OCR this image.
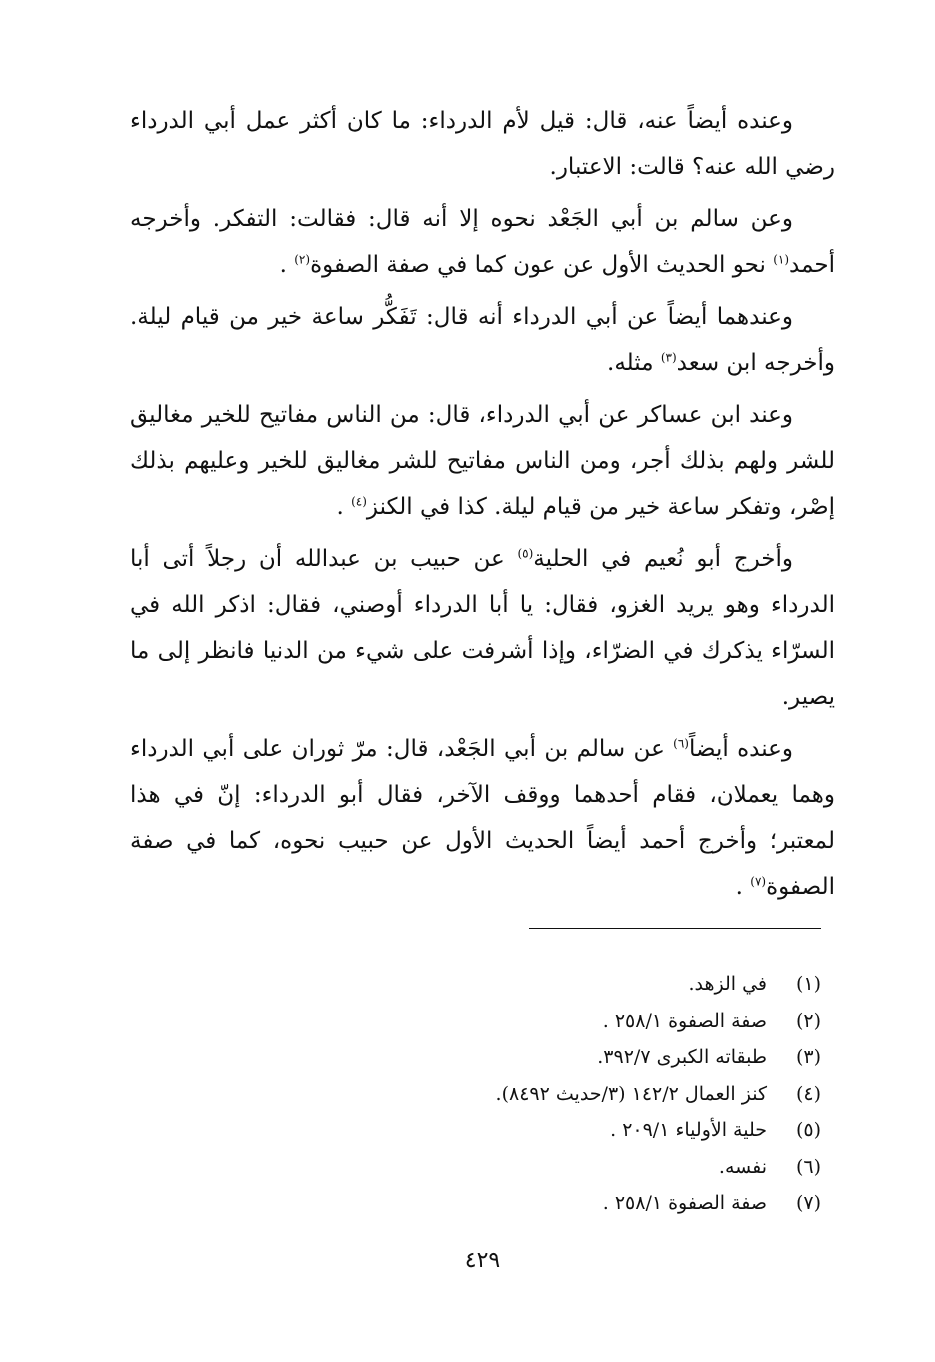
وعنده أيضاً عنه، قال: قيل لأم الدرداء: ما كان أكثر عمل أبي الدرداء رضي الله عنه؟ قالت: الاعتبار.

وعن سالم بن أبي الجَعْد نحوه إلا أنه قال: فقالت: التفكر. وأخرجه أحمد$^{(١)}$ نحو الحديث الأول عن عون كما في صفة الصفوة$^{(٢)}$ .

وعندهما أيضاً عن أبي الدرداء أنه قال: تَفَكُّر ساعة خير من قيام ليلة. وأخرجه ابن سعد$^{(٣)}$ مثله.

وعند ابن عساكر عن أبي الدرداء، قال: من الناس مفاتيح للخير مغاليق للشر ولهم بذلك أجر، ومن الناس مفاتيح للشر مغاليق للخير وعليهم بذلك إصْر، وتفكر ساعة خير من قيام ليلة. كذا في الكنز$^{(٤)}$ .

وأخرج أبو نُعيم في الحلية$^{(٥)}$ عن حبيب بن عبدالله أن رجلاً أتى أبا الدرداء وهو يريد الغزو، فقال: يا أبا الدرداء أوصني، فقال: اذكر الله في السرّاء يذكرك في الضرّاء، وإذا أشرفت على شيء من الدنيا فانظر إلى ما يصير.

وعنده أيضاً$^{(٦)}$ عن سالم بن أبي الجَعْد، قال: مرّ ثوران على أبي الدرداء وهما يعملان، فقام أحدهما ووقف الآخر، فقال أبو الدرداء: إنّ في هذا لمعتبر؛ وأخرج أحمد أيضاً الحديث الأول عن حبيب نحوه، كما في صفة الصفوة$^{(٧)}$ .

(١)في الزهد.
(٢)صفة الصفوة ٢٥٨/١ .
(٣)طبقاته الكبرى ٣٩٢/٧.
(٤)كنز العمال ١٤٢/٢ (٣/حديث ٨٤٩٢).
(٥)حلية الأولياء ٢٠٩/١ .
(٦)نفسه.
(٧)صفة الصفوة ٢٥٨/١ .
٤٢٩
